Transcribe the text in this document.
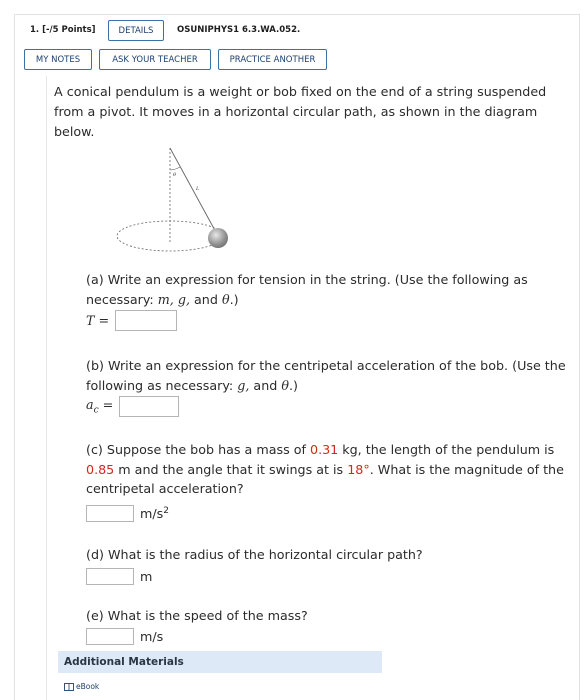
1. [-/5 Points]	DETAILS	OSUNIPHYS1 6.3.WA.052.
MY NOTES	ASK YOUR TEACHER	PRACTICE ANOTHER
A conical pendulum is a weight or bob fixed on the end of a string suspended from a pivot. It moves in a horizontal circular path, as shown in the diagram below.
θ
L
(a) Write an expression for tension in the string. (Use the following as necessary: m, g, and θ.)
T =
(b) Write an expression for the centripetal acceleration of the bob. (Use the following as necessary: g, and θ.)
$a_c$ =
(c) Suppose the bob has a mass of 0.31 kg, the length of the pendulum is 0.85 m and the angle that it swings at is 18°. What is the magnitude of the centripetal acceleration?
$m/s^2$
(d) What is the radius of the horizontal circular path?
m
(e) What is the speed of the mass?
m/s
Additional Materials
eBook
